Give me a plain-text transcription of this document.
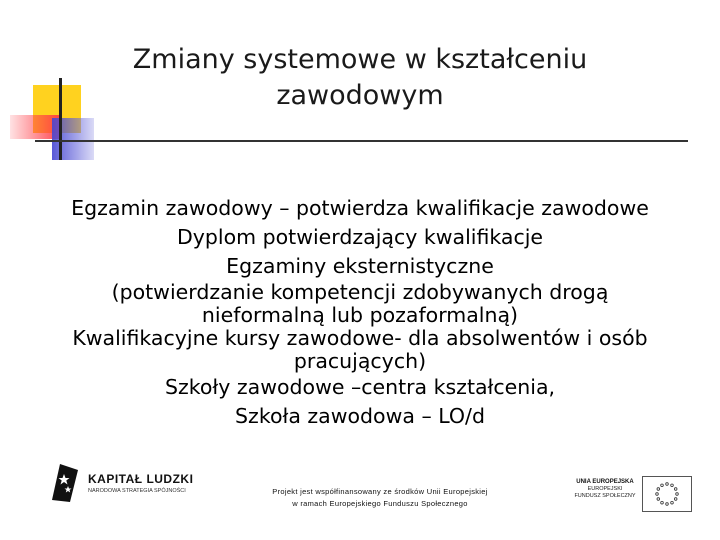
Zmiany systemowe w kształceniu
zawodowym

Egzamin zawodowy – potwierdza kwalifikacje zawodowe

Dyplom potwierdzający kwalifikacje

Egzaminy eksternistyczne

(potwierdzanie kompetencji zdobywanych drogą

nieformalną lub pozaformalną)

Kwalifikacyjne kursy zawodowe- dla absolwentów i osób

pracujących)

Szkoły zawodowe –centra kształcenia,

Szkoła zawodowa – LO/d

KAPITAŁ LUDZKI
NARODOWA STRATEGIA SPÓJNOŚCI	Projekt jest współfinansowany ze środków Unii Europejskiej
w ramach Europejskiego Funduszu Społecznego
UNIA EUROPEJSKA
EUROPEJSKI
FUNDUSZ SPOŁECZNY
